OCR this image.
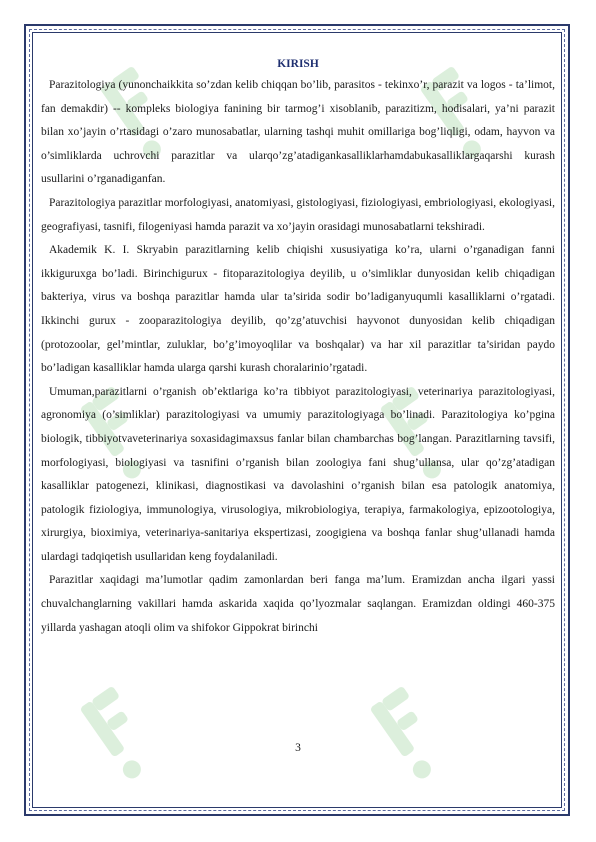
KIRISH

Parazitologiya (yunonchaikkita so’zdan kelib chiqqan bo’lib, parasitos - tekinxo’r, parazit va logos - ta’limot, fan demakdir) -- kompleks biologiya fanining bir tarmog’i xisoblanib, parazitizm, hodisalari, ya’ni parazit bilan xo’jayin o’rtasidagi o’zaro munosabatlar, ularning tashqi muhit omillariga bog’liqligi, odam, hayvon va o’simliklarda uchrovchi parazitlar va ularqo’zg’atadigankasalliklarhamdabukasalliklargaqarshi kurash usullarini o’rganadiganfan.

Parazitologiya parazitlar morfologiyasi, anatomiyasi, gistologiyasi, fiziologiyasi, embriologiyasi, ekologiyasi, geografiyasi, tasnifi, filogeniyasi hamda parazit va xo’jayin orasidagi munosabatlarni tekshiradi.

Akademik K. I. Skryabin parazitlarning kelib chiqishi xususiyatiga ko’ra, ularni o’rganadigan fanni ikkiguruxga bo’ladi. Birinchigurux - fitoparazitologiya deyilib, u o’simliklar dunyosidan kelib chiqadigan bakteriya, virus va boshqa parazitlar hamda ular ta’sirida sodir bo’ladiganyuqumli kasalliklarni o’rgatadi. Ikkinchi gurux - zooparazitologiya deyilib, qo’zg’atuvchisi hayvonot dunyosidan kelib chiqadigan (protozoolar, gel’mintlar, zuluklar, bo’g’imoyoqlilar va boshqalar) va har xil parazitlar ta’siridan paydo bo’ladigan kasalliklar hamda ularga qarshi kurash choralarinio’rgatadi.

Umuman,parazitlarni o’rganish ob’ektlariga ko’ra tibbiyot parazitologiyasi, veterinariya parazitologiyasi, agronomiya (o’simliklar) parazitologiyasi va umumiy parazitologiyaga bo’linadi. Parazitologiya ko’pgina biologik, tibbiyotvaveterinariya soxasidagimaxsus fanlar bilan chambarchas bog’langan. Parazitlarning tavsifi, morfologiyasi, biologiyasi va tasnifini o’rganish bilan zoologiya fani shug’ullansa, ular qo’zg’atadigan kasalliklar patogenezi, klinikasi, diagnostikasi va davolashini o’rganish bilan esa patologik anatomiya, patologik fiziologiya, immunologiya, virusologiya, mikrobiologiya, terapiya, farmakologiya, epizootologiya, xirurgiya, bioximiya, veterinariya-sanitariya ekspertizasi, zoogigiena va boshqa fanlar shug’ullanadi hamda ulardagi tadqiqetish usullaridan keng foydalaniladi.

Parazitlar xaqidagi ma’lumotlar qadim zamonlardan beri fanga ma’lum. Eramizdan ancha ilgari yassi chuvalchanglarning vakillari hamda askarida xaqida qo’lyozmalar saqlangan. Eramizdan oldingi 460-375 yillarda yashagan atoqli olim va shifokor Gippokrat birinchi

3
